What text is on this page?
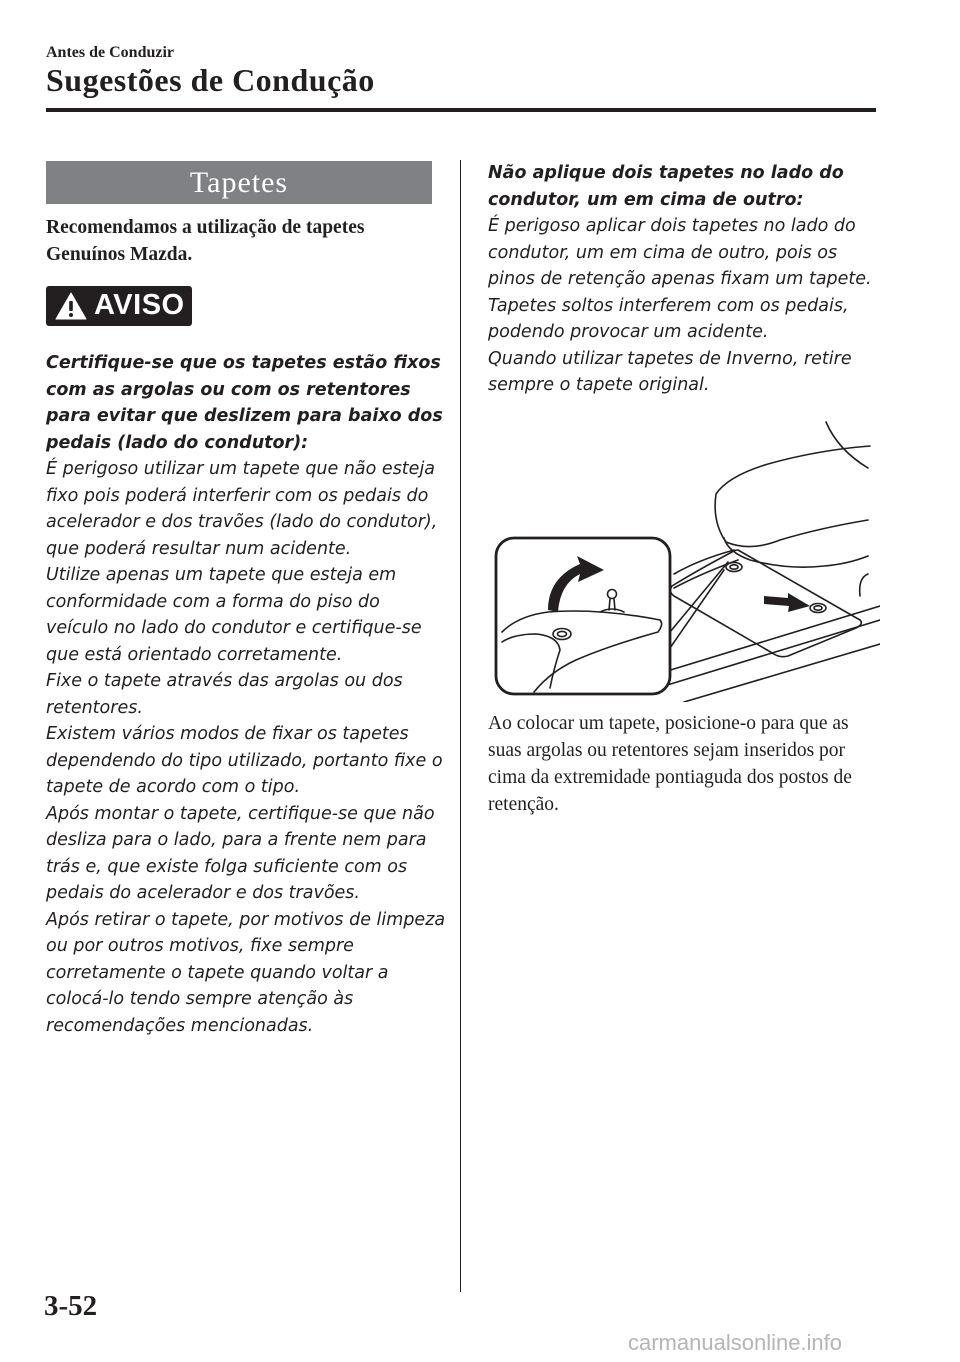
Antes de Conduzir
Sugestões de Condução
Tapetes
Recomendamos a utilização de tapetes Genuínos Mazda.
AVISO

Certifique-se que os tapetes estão fixos com as argolas ou com os retentores para evitar que deslizem para baixo dos pedais (lado do condutor):

É perigoso utilizar um tapete que não esteja fixo pois poderá interferir com os pedais do acelerador e dos travões (lado do condutor), que poderá resultar num acidente.

Utilize apenas um tapete que esteja em conformidade com a forma do piso do veículo no lado do condutor e certifique-se que está orientado corretamente.

Fixe o tapete através das argolas ou dos retentores.

Existem vários modos de fixar os tapetes dependendo do tipo utilizado, portanto fixe o tapete de acordo com o tipo.

Após montar o tapete, certifique-se que não desliza para o lado, para a frente nem para trás e, que existe folga suficiente com os pedais do acelerador e dos travões.

Após retirar o tapete, por motivos de limpeza ou por outros motivos, fixe sempre corretamente o tapete quando voltar a colocá-lo tendo sempre atenção às recomendações mencionadas.

Não aplique dois tapetes no lado do condutor, um em cima de outro:

É perigoso aplicar dois tapetes no lado do condutor, um em cima de outro, pois os pinos de retenção apenas fixam um tapete. Tapetes soltos interferem com os pedais, podendo provocar um acidente.

Quando utilizar tapetes de Inverno, retire sempre o tapete original.

Ao colocar um tapete, posicione-o para que as suas argolas ou retentores sejam inseridos por cima da extremidade pontiaguda dos postos de retenção.
3-52
carmanualsonline.info
